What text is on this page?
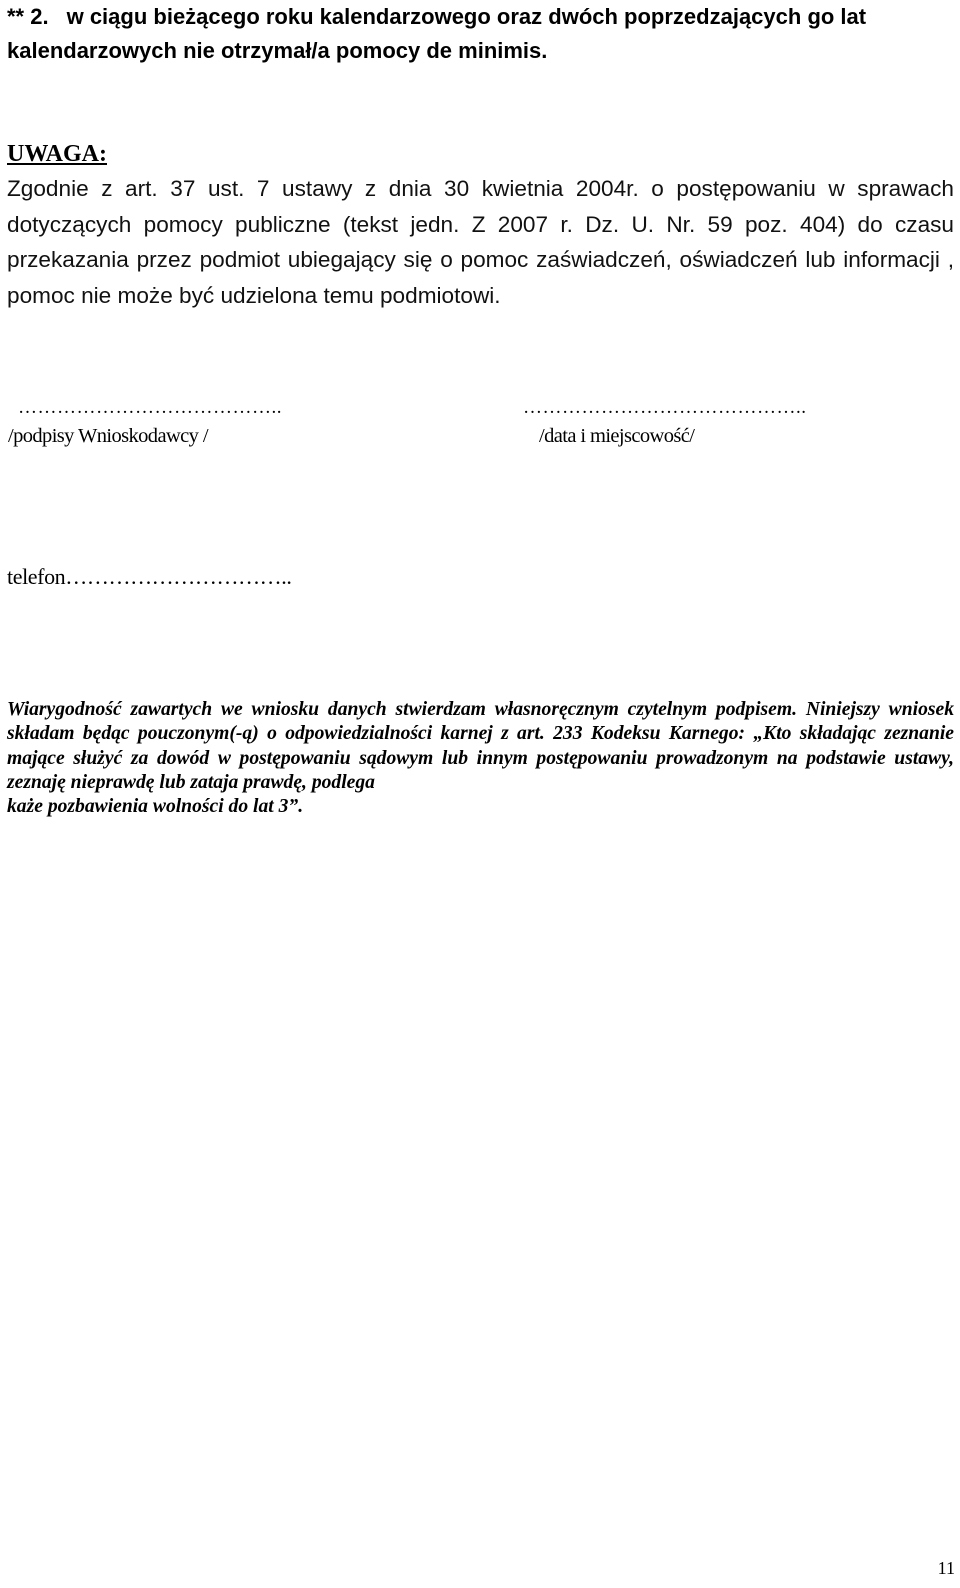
** 2. w ciągu bieżącego roku kalendarzowego oraz dwóch poprzedzających go lat kalendarzowych nie otrzymał/a pomocy de minimis.
UWAGA:
Zgodnie z art. 37 ust. 7 ustawy z dnia 30 kwietnia 2004r. o postępowaniu w sprawach dotyczących pomocy publiczne (tekst jedn. Z 2007 r. Dz. U. Nr. 59 poz. 404) do czasu przekazania przez podmiot ubiegający się o pomoc zaświadczeń, oświadczeń lub informacji , pomoc nie może być udzielona temu podmiotowi.
…………………………………..	……………………………………..
/podpisy Wnioskodawcy /	/data i miejscowość/
telefon…………………………..
Wiarygodność zawartych we wniosku danych stwierdzam własnoręcznym czytelnym podpisem. Niniejszy wniosek składam będąc pouczonym(-ą) o odpowiedzialności karnej z art. 233 Kodeksu Karnego: „Kto składając zeznanie mające służyć za dowód w postępowaniu sądowym lub innym postępowaniu prowadzonym na podstawie ustawy, zeznaję nieprawdę lub zataja prawdę, podlega
każe pozbawienia wolności do lat 3”.
11
